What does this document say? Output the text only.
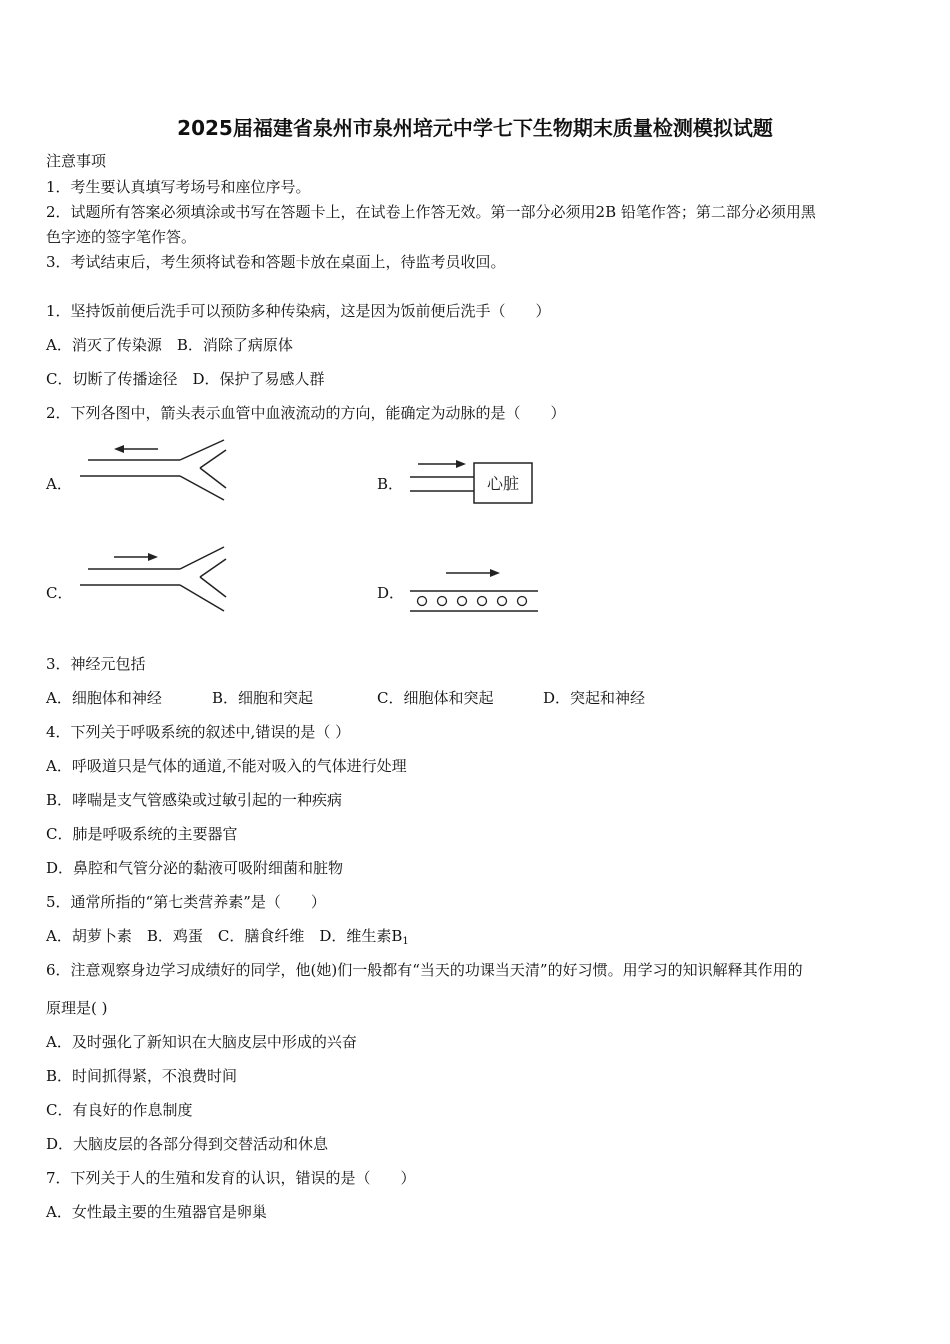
2025届福建省泉州市泉州培元中学七下生物期末质量检测模拟试题
注意事项
1．考生要认真填写考场号和座位序号。
2．试题所有答案必须填涂或书写在答题卡上，在试卷上作答无效。第一部分必须用2B 铅笔作答；第二部分必须用黑
色字迹的签字笔作答。
3．考试结束后，考生须将试卷和答题卡放在桌面上，待监考员收回。
1．坚持饭前便后洗手可以预防多种传染病，这是因为饭前便后洗手（　　）
A．消灭了传染源　B．消除了病原体
C．切断了传播途径　D．保护了易感人群
2．下列各图中，箭头表示血管中血液流动的方向，能确定为动脉的是（　　）
A．	B．	心脏
C．	D．
3．神经元包括
A．细胞体和神经	B．细胞和突起	C．细胞体和突起	D．突起和神经
4．下列关于呼吸系统的叙述中,错误的是（ ）
A．呼吸道只是气体的通道,不能对吸入的气体进行处理
B．哮喘是支气管感染或过敏引起的一种疾病
C．肺是呼吸系统的主要器官
D．鼻腔和气管分泌的黏液可吸附细菌和脏物
5．通常所指的“第七类营养素”是（　　）
A．胡萝卜素　B．鸡蛋　C．膳食纤维　D．维生素$B_1$
6．注意观察身边学习成绩好的同学，他(她)们一般都有“当天的功课当天清”的好习惯。用学习的知识解释其作用的
原理是( )
A．及时强化了新知识在大脑皮层中形成的兴奋
B．时间抓得紧，不浪费时间
C．有良好的作息制度
D．大脑皮层的各部分得到交替活动和休息
7．下列关于人的生殖和发育的认识，错误的是（　　）
A．女性最主要的生殖器官是卵巢
